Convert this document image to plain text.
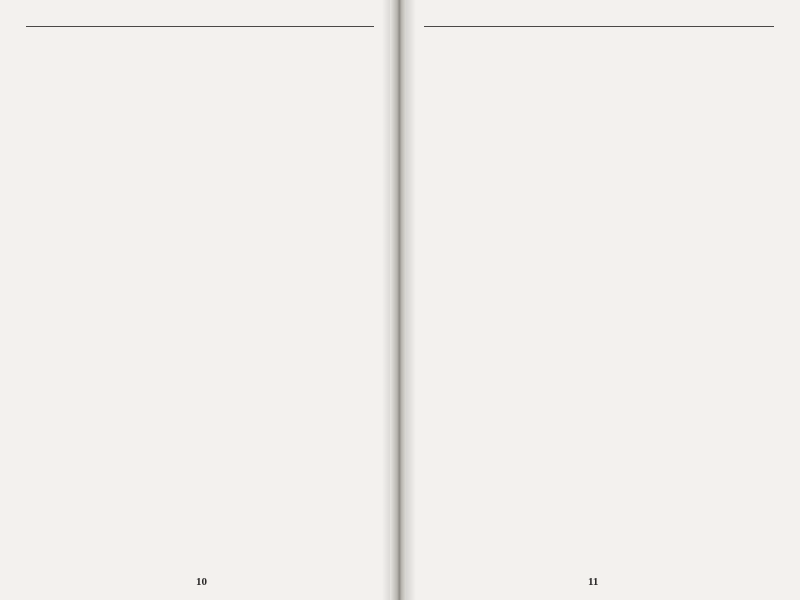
10	11
